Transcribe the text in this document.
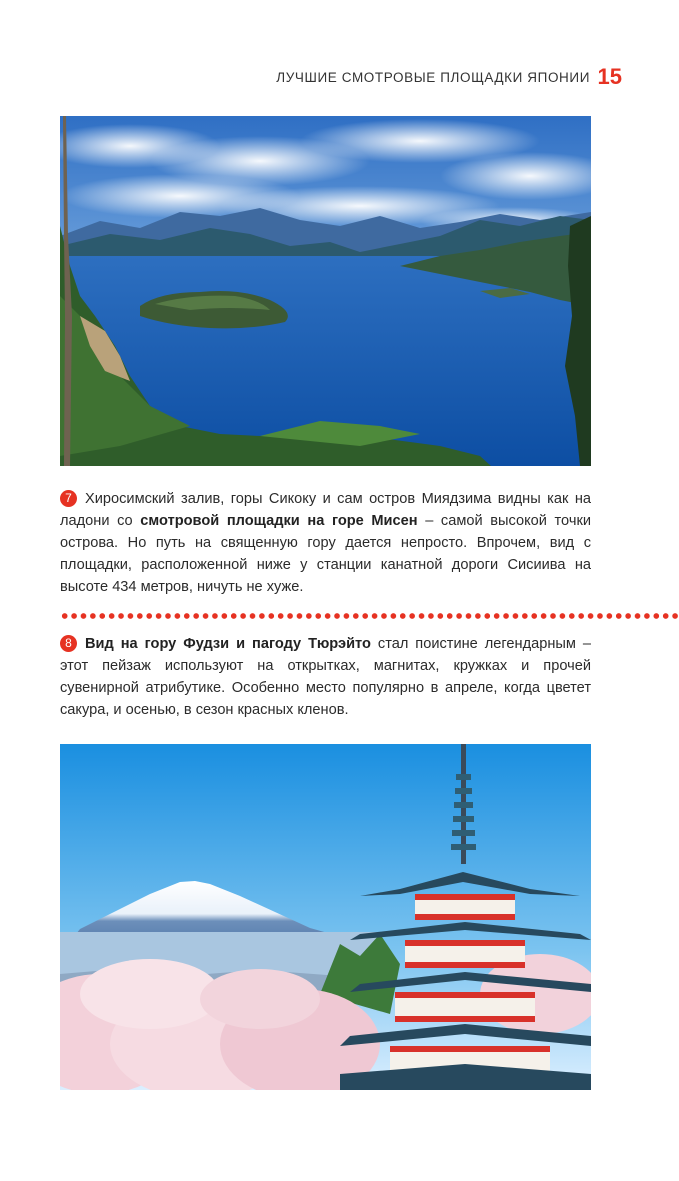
ЛУЧШИЕ СМОТРОВЫЕ ПЛОЩАДКИ ЯПОНИИ 15
7 Хиросимский залив, горы Сикоку и сам остров Миядзима видны как на ладони со смотровой площадки на горе Мисен – самой высокой точки острова. Но путь на священную гору дается непросто. Впрочем, вид с площадки, расположенной ниже у станции канатной дороги Сисиива на высоте 434 метров, ничуть не хуже.
8 Вид на гору Фудзи и пагоду Тюрэйто стал поистине легендарным – этот пейзаж используют на открытках, магнитах, кружках и прочей сувенирной атрибутике. Особенно место популярно в апреле, когда цветет сакура, и осенью, в сезон красных кленов.
